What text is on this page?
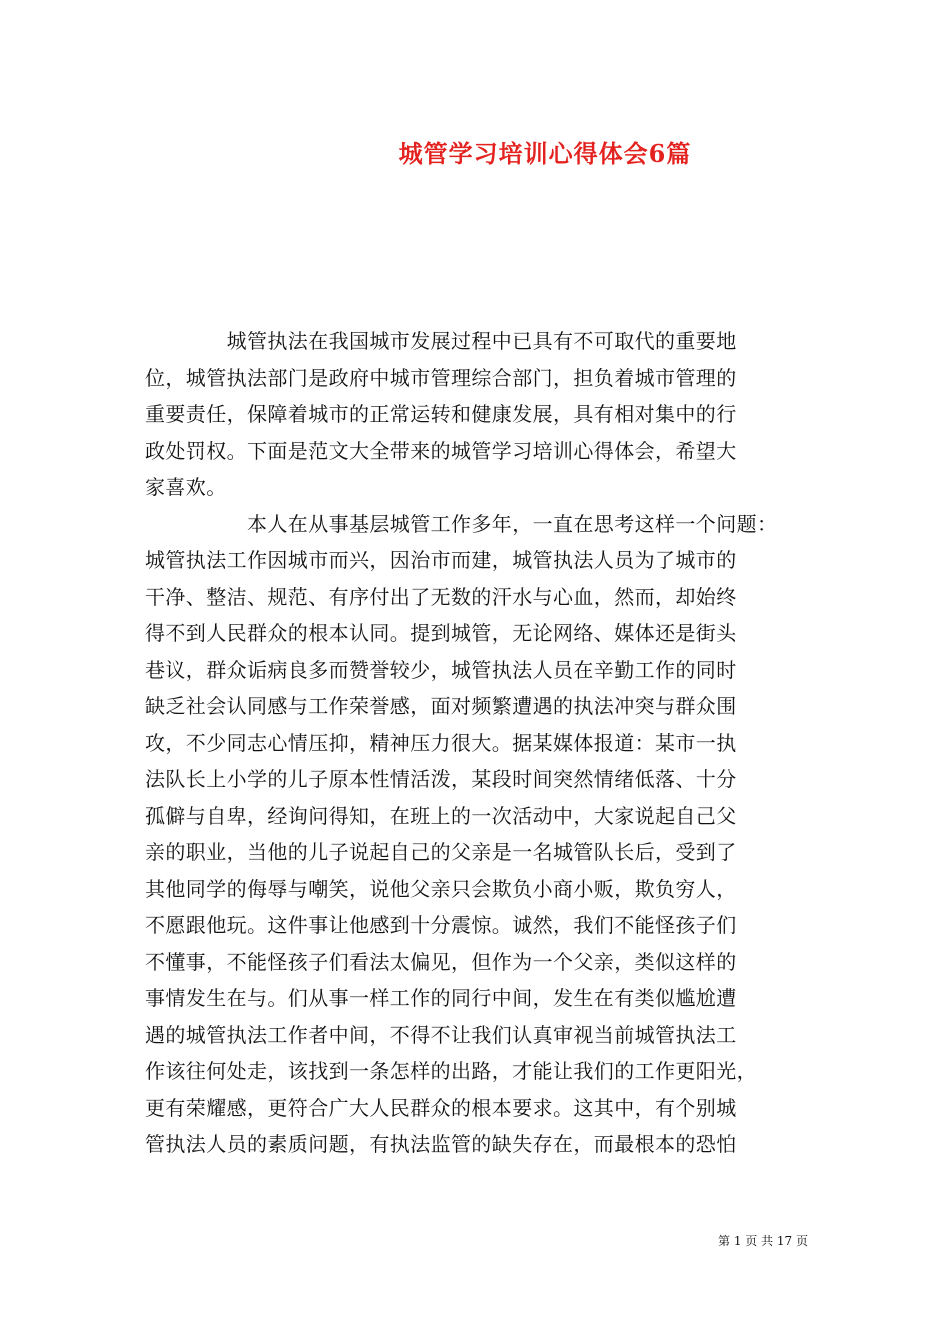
城管学习培训心得体会6篇
　　　　城管执法在我国城市发展过程中已具有不可取代的重要地
位，城管执法部门是政府中城市管理综合部门，担负着城市管理的
重要责任，保障着城市的正常运转和健康发展，具有相对集中的行
政处罚权。下面是范文大全带来的城管学习培训心得体会，希望大
家喜欢。
　　　　　本人在从事基层城管工作多年，一直在思考这样一个问题：
城管执法工作因城市而兴，因治市而建，城管执法人员为了城市的
干净、整洁、规范、有序付出了无数的汗水与心血，然而，却始终
得不到人民群众的根本认同。提到城管，无论网络、媒体还是街头
巷议，群众诟病良多而赞誉较少，城管执法人员在辛勤工作的同时
缺乏社会认同感与工作荣誉感，面对频繁遭遇的执法冲突与群众围
攻，不少同志心情压抑，精神压力很大。据某媒体报道：某市一执
法队长上小学的儿子原本性情活泼，某段时间突然情绪低落、十分
孤僻与自卑，经询问得知，在班上的一次活动中，大家说起自己父
亲的职业，当他的儿子说起自己的父亲是一名城管队长后，受到了
其他同学的侮辱与嘲笑，说他父亲只会欺负小商小贩，欺负穷人，
不愿跟他玩。这件事让他感到十分震惊。诚然，我们不能怪孩子们
不懂事，不能怪孩子们看法太偏见，但作为一个父亲，类似这样的
事情发生在与。们从事一样工作的同行中间，发生在有类似尴尬遭
遇的城管执法工作者中间，不得不让我们认真审视当前城管执法工
作该往何处走，该找到一条怎样的出路，才能让我们的工作更阳光，
更有荣耀感，更符合广大人民群众的根本要求。这其中，有个别城
管执法人员的素质问题，有执法监管的缺失存在，而最根本的恐怕
第 1 页 共 17 页
